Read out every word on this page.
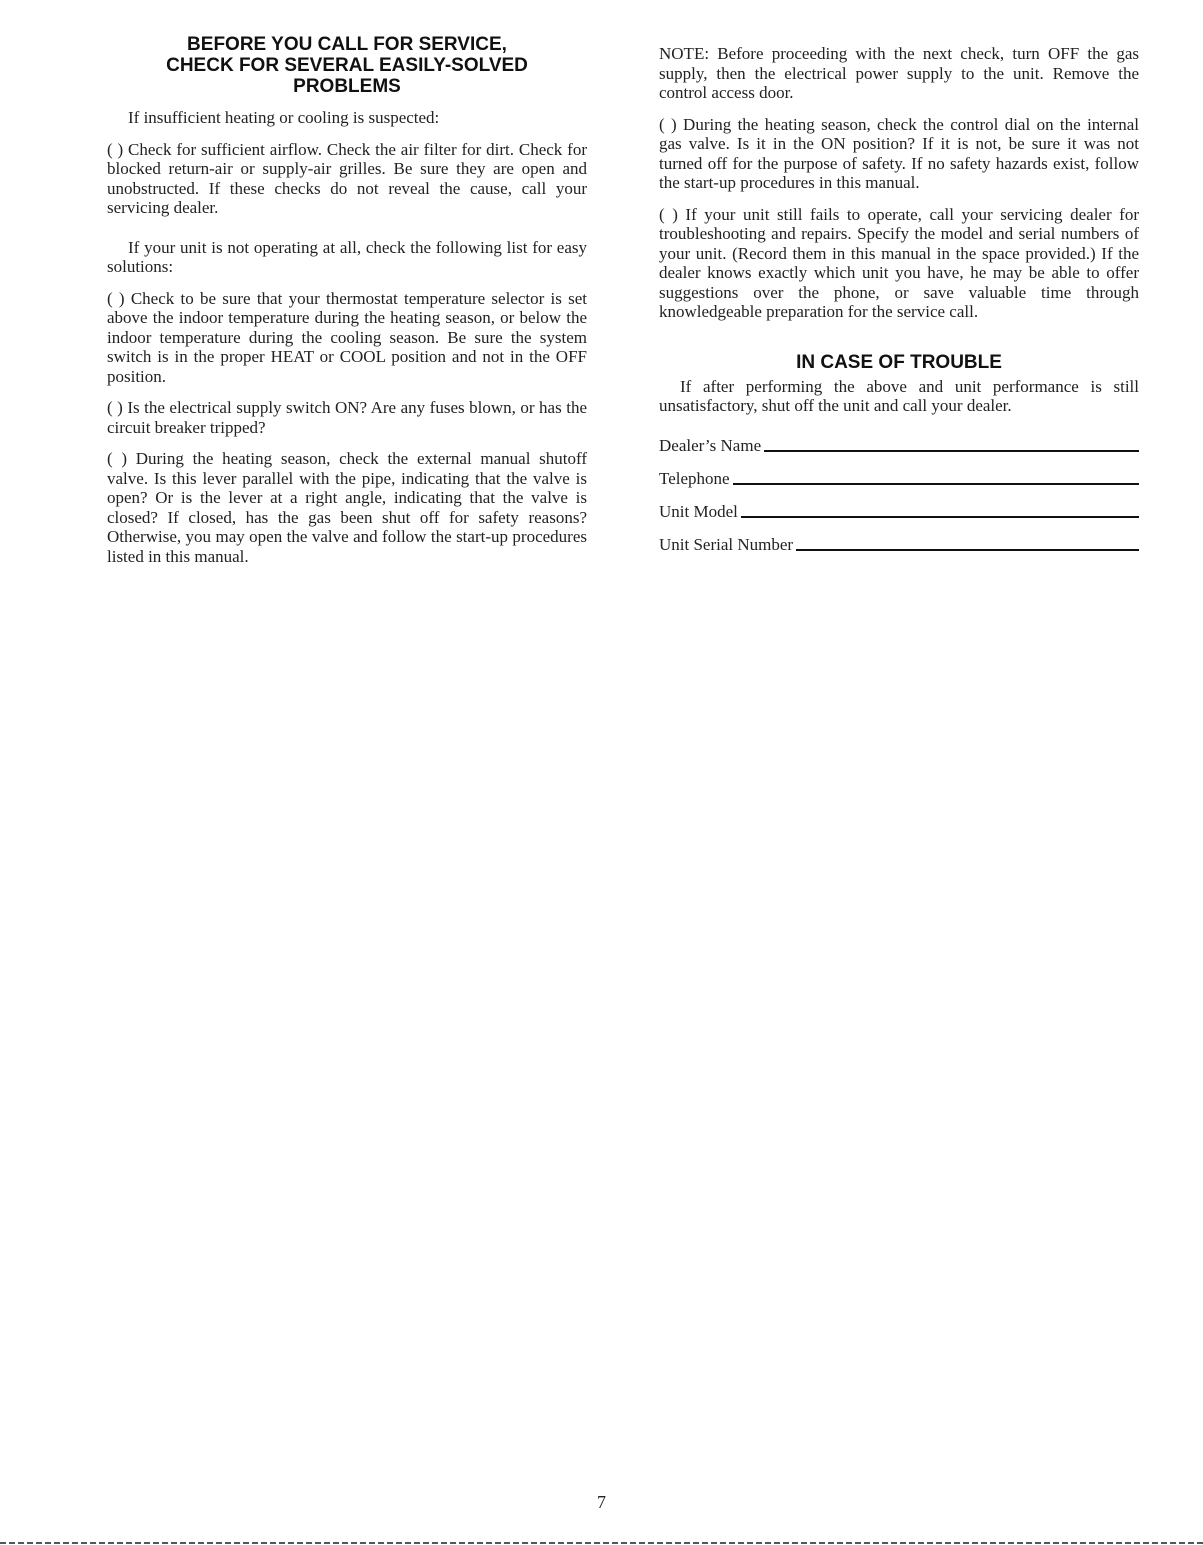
BEFORE YOU CALL FOR SERVICE,
CHECK FOR SEVERAL EASILY-SOLVED
PROBLEMS

If insufficient heating or cooling is suspected:

( ) Check for sufficient airflow. Check the air filter for dirt. Check for blocked return-air or supply-air grilles. Be sure they are open and unobstructed. If these checks do not reveal the cause, call your servicing dealer.

If your unit is not operating at all, check the following list for easy solutions:

( ) Check to be sure that your thermostat temperature selector is set above the indoor temperature during the heating season, or below the indoor temperature during the cooling season. Be sure the system switch is in the proper HEAT or COOL position and not in the OFF position.

( ) Is the electrical supply switch ON? Are any fuses blown, or has the circuit breaker tripped?

( ) During the heating season, check the external manual shutoff valve. Is this lever parallel with the pipe, indicating that the valve is open? Or is the lever at a right angle, indicating that the valve is closed? If closed, has the gas been shut off for safety reasons? Otherwise, you may open the valve and follow the start-up procedures listed in this manual.

NOTE: Before proceeding with the next check, turn OFF the gas supply, then the electrical power supply to the unit. Remove the control access door.

( ) During the heating season, check the control dial on the internal gas valve. Is it in the ON position? If it is not, be sure it was not turned off for the purpose of safety. If no safety hazards exist, follow the start-up procedures in this manual.

( ) If your unit still fails to operate, call your servicing dealer for troubleshooting and repairs. Specify the model and serial numbers of your unit. (Record them in this manual in the space provided.) If the dealer knows exactly which unit you have, he may be able to offer suggestions over the phone, or save valuable time through knowledgeable preparation for the service call.

IN CASE OF TROUBLE

If after performing the above and unit performance is still unsatisfactory, shut off the unit and call your dealer.

Dealer’s Name
Telephone
Unit Model
Unit Serial Number
7
